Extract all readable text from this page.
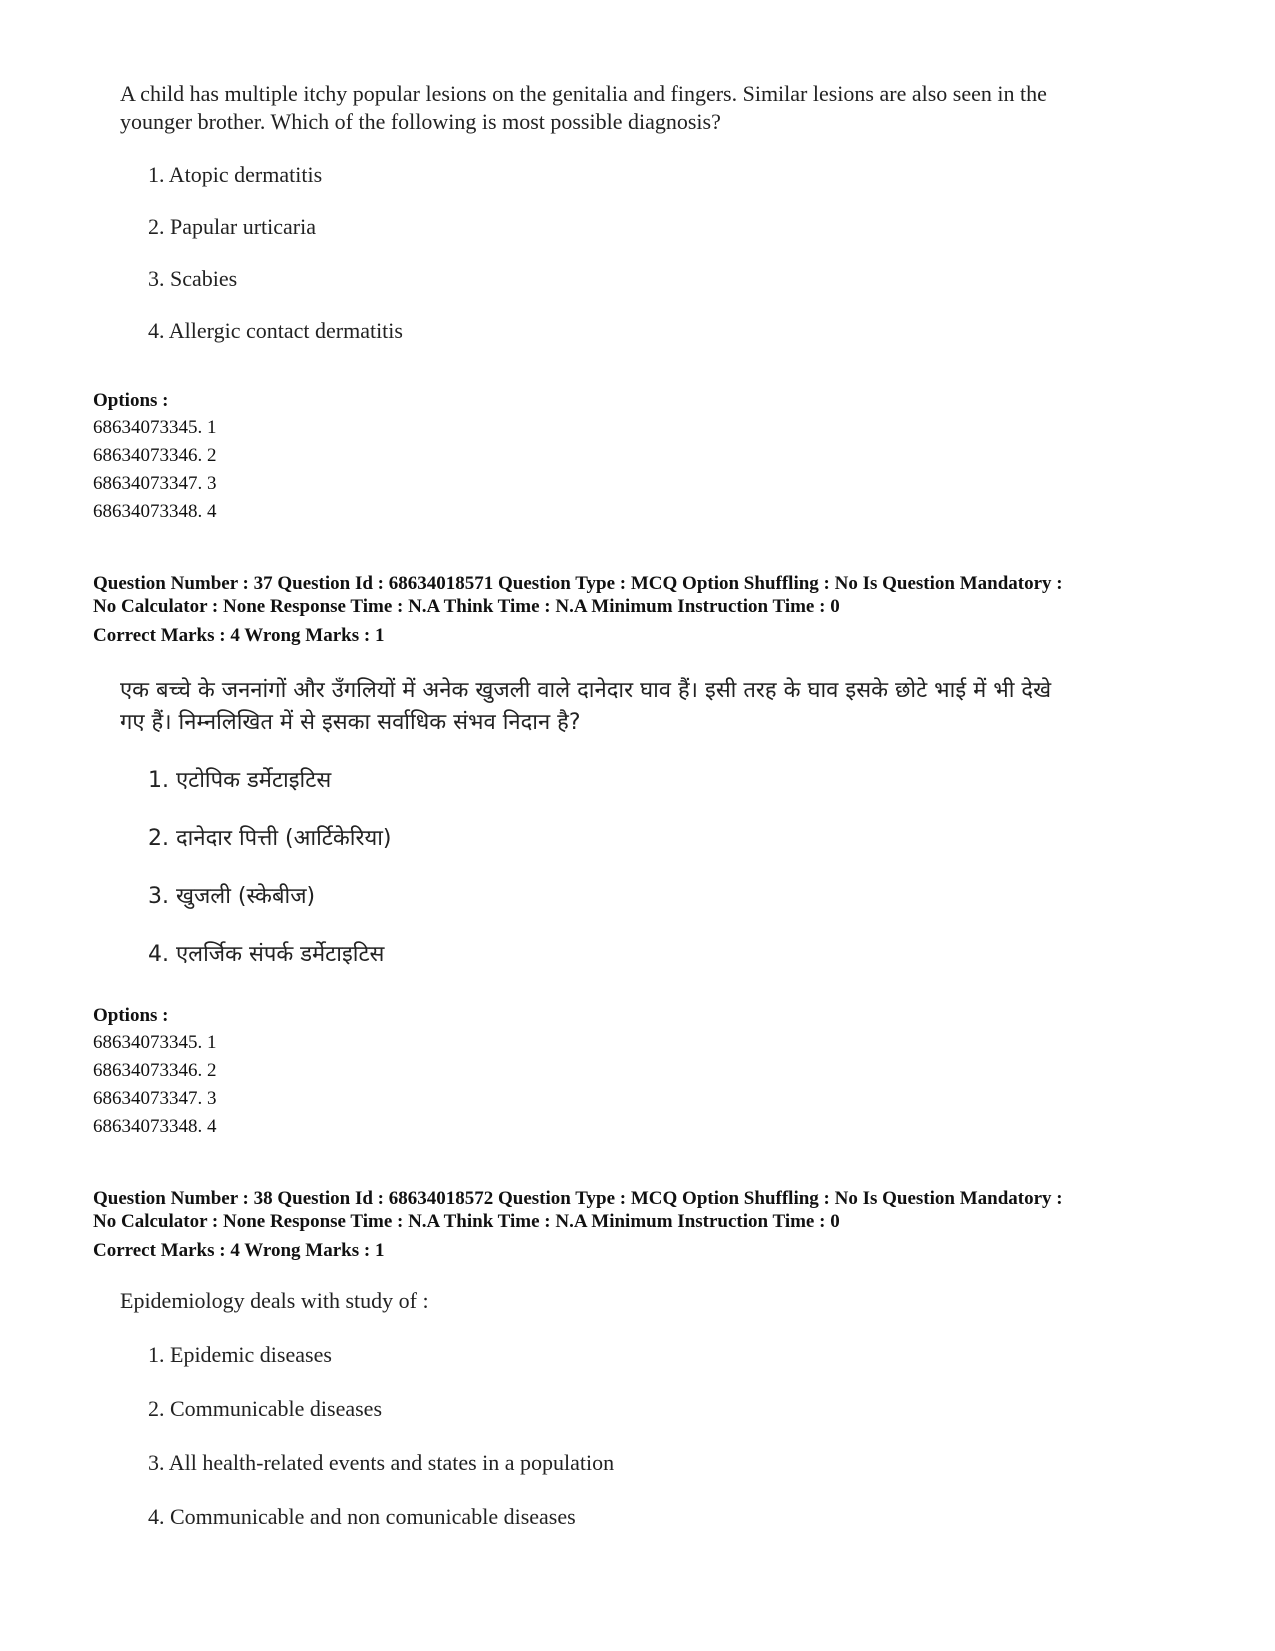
A child has multiple itchy popular lesions on the genitalia and fingers. Similar lesions are also seen in the
younger brother. Which of the following is most possible diagnosis?
1. Atopic dermatitis
2. Papular urticaria
3. Scabies
4. Allergic contact dermatitis
Options :
68634073345. 1
68634073346. 2
68634073347. 3
68634073348. 4
Question Number : 37 Question Id : 68634018571 Question Type : MCQ Option Shuffling : No Is Question Mandatory :
No Calculator : None Response Time : N.A Think Time : N.A Minimum Instruction Time : 0
Correct Marks : 4 Wrong Marks : 1
एक बच्चे के जननांगों और उँगलियों में अनेक खुजली वाले दानेदार घाव हैं। इसी तरह के घाव इसके छोटे भाई में भी देखे
गए हैं। निम्नलिखित में से इसका सर्वाधिक संभव निदान है?
1. एटोपिक डर्मेटाइटिस
2. दानेदार पित्ती (आर्टिकेरिया)
3. खुजली (स्केबीज)
4. एलर्जिक संपर्क डर्मेटाइटिस
Options :
68634073345. 1
68634073346. 2
68634073347. 3
68634073348. 4
Question Number : 38 Question Id : 68634018572 Question Type : MCQ Option Shuffling : No Is Question Mandatory :
No Calculator : None Response Time : N.A Think Time : N.A Minimum Instruction Time : 0
Correct Marks : 4 Wrong Marks : 1
Epidemiology deals with study of :
1. Epidemic diseases
2. Communicable diseases
3. All health-related events and states in a population
4. Communicable and non comunicable diseases
